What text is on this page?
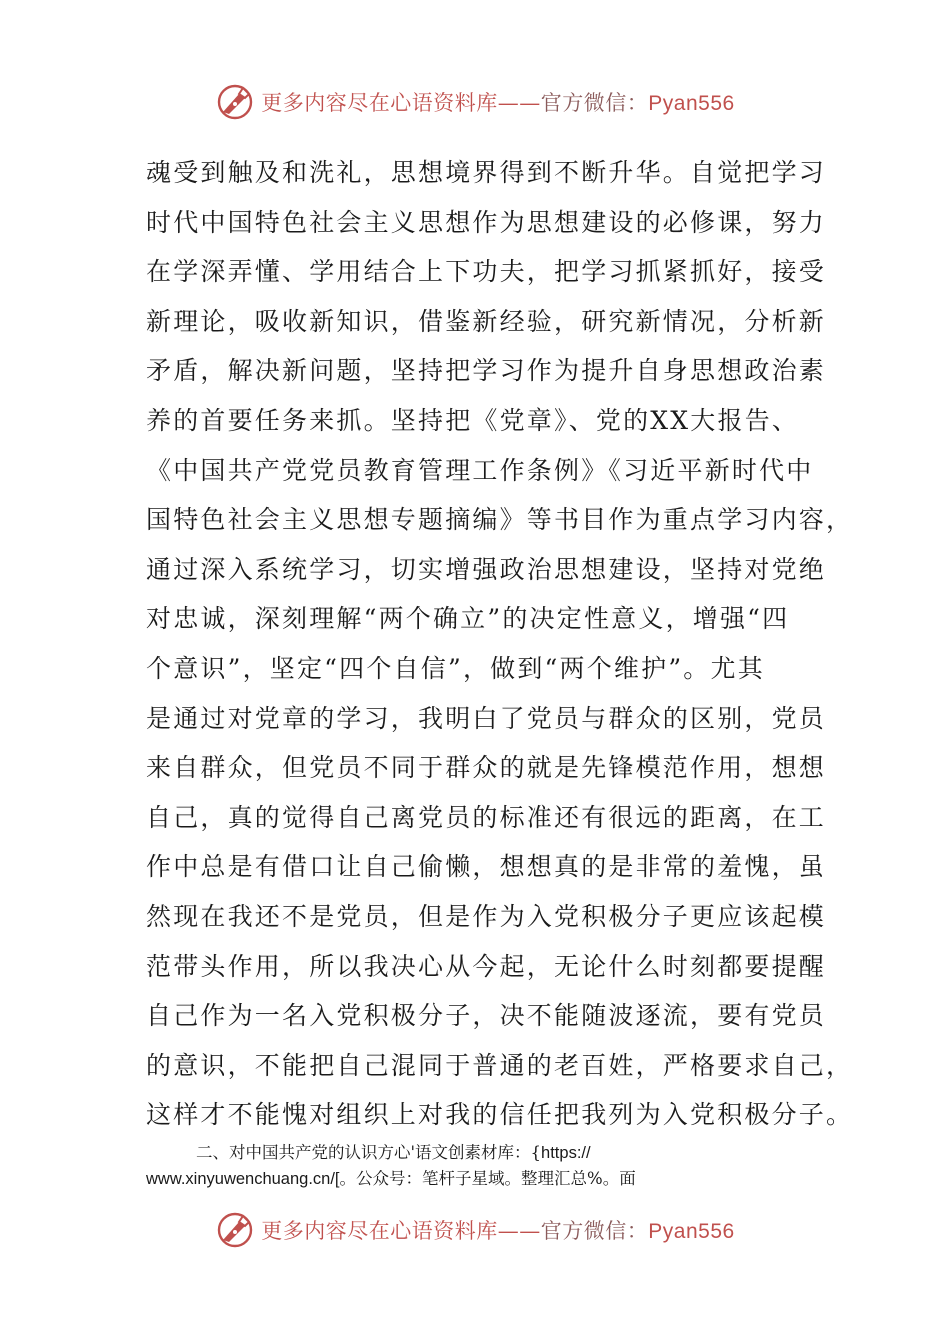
更多内容尽在心语资料库——官方微信：Pyan556
魂受到触及和洗礼，思想境界得到不断升华。自觉把学习
时代中国特色社会主义思想作为思想建设的必修课，努力
在学深弄懂、学用结合上下功夫，把学习抓紧抓好，接受
新理论，吸收新知识，借鉴新经验，研究新情况，分析新
矛盾，解决新问题，坚持把学习作为提升自身思想政治素
养的首要任务来抓。坚持把《党章》、党的XX大报告、
《中国共产党党员教育管理工作条例》《习近平新时代中
国特色社会主义思想专题摘编》等书目作为重点学习内容，
通过深入系统学习，切实增强政治思想建设，坚持对党绝
对忠诚，深刻理解“两个确立”的决定性意义，增强“四
个意识”，坚定“四个自信”，做到“两个维护”。尤其
是通过对党章的学习，我明白了党员与群众的区别，党员
来自群众，但党员不同于群众的就是先锋模范作用，想想
自己，真的觉得自己离党员的标准还有很远的距离，在工
作中总是有借口让自己偷懒，想想真的是非常的羞愧，虽
然现在我还不是党员，但是作为入党积极分子更应该起模
范带头作用，所以我决心从今起，无论什么时刻都要提醒
自己作为一名入党积极分子，决不能随波逐流，要有党员
的意识，不能把自己混同于普通的老百姓，严格要求自己，
这样才不能愧对组织上对我的信任把我列为入党积极分子。
二、对中国共产党的认识方心'语文创素材库：{https://
www.xinyuwenchuang.cn/[。公众号：笔杆子星域。整理汇总%。面
更多内容尽在心语资料库——官方微信：Pyan556
